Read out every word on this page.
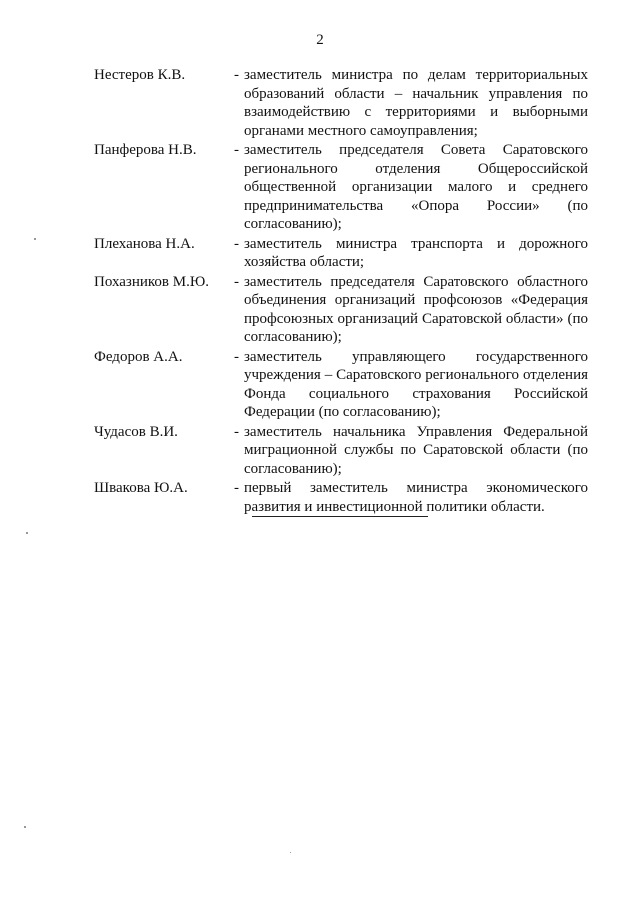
2
Нестеров К.В.	- заместитель министра по делам территориальных образований области – начальник управления по взаимодействию с территориями и выборными органами местного самоуправления;
Панферова Н.В.	- заместитель председателя Совета Саратовского регионального отделения Общероссийской общественной организации малого и среднего предпринимательства «Опора России» (по согласованию);
Плеханова Н.А.	- заместитель министра транспорта и дорожного хозяйства области;
Похазников М.Ю.	- заместитель председателя Саратовского областного объединения организаций профсоюзов «Федерация профсоюзных организаций Саратовской области» (по согласованию);
Федоров А.А.	- заместитель управляющего государственного учреждения – Саратовского регионального отделения Фонда социального страхования Российской Федерации (по согласованию);
Чудасов В.И.	- заместитель начальника Управления Федеральной миграционной службы по Саратовской области (по согласованию);
Швакова Ю.А.	- первый заместитель министра экономического развития и инвестиционной политики области.
